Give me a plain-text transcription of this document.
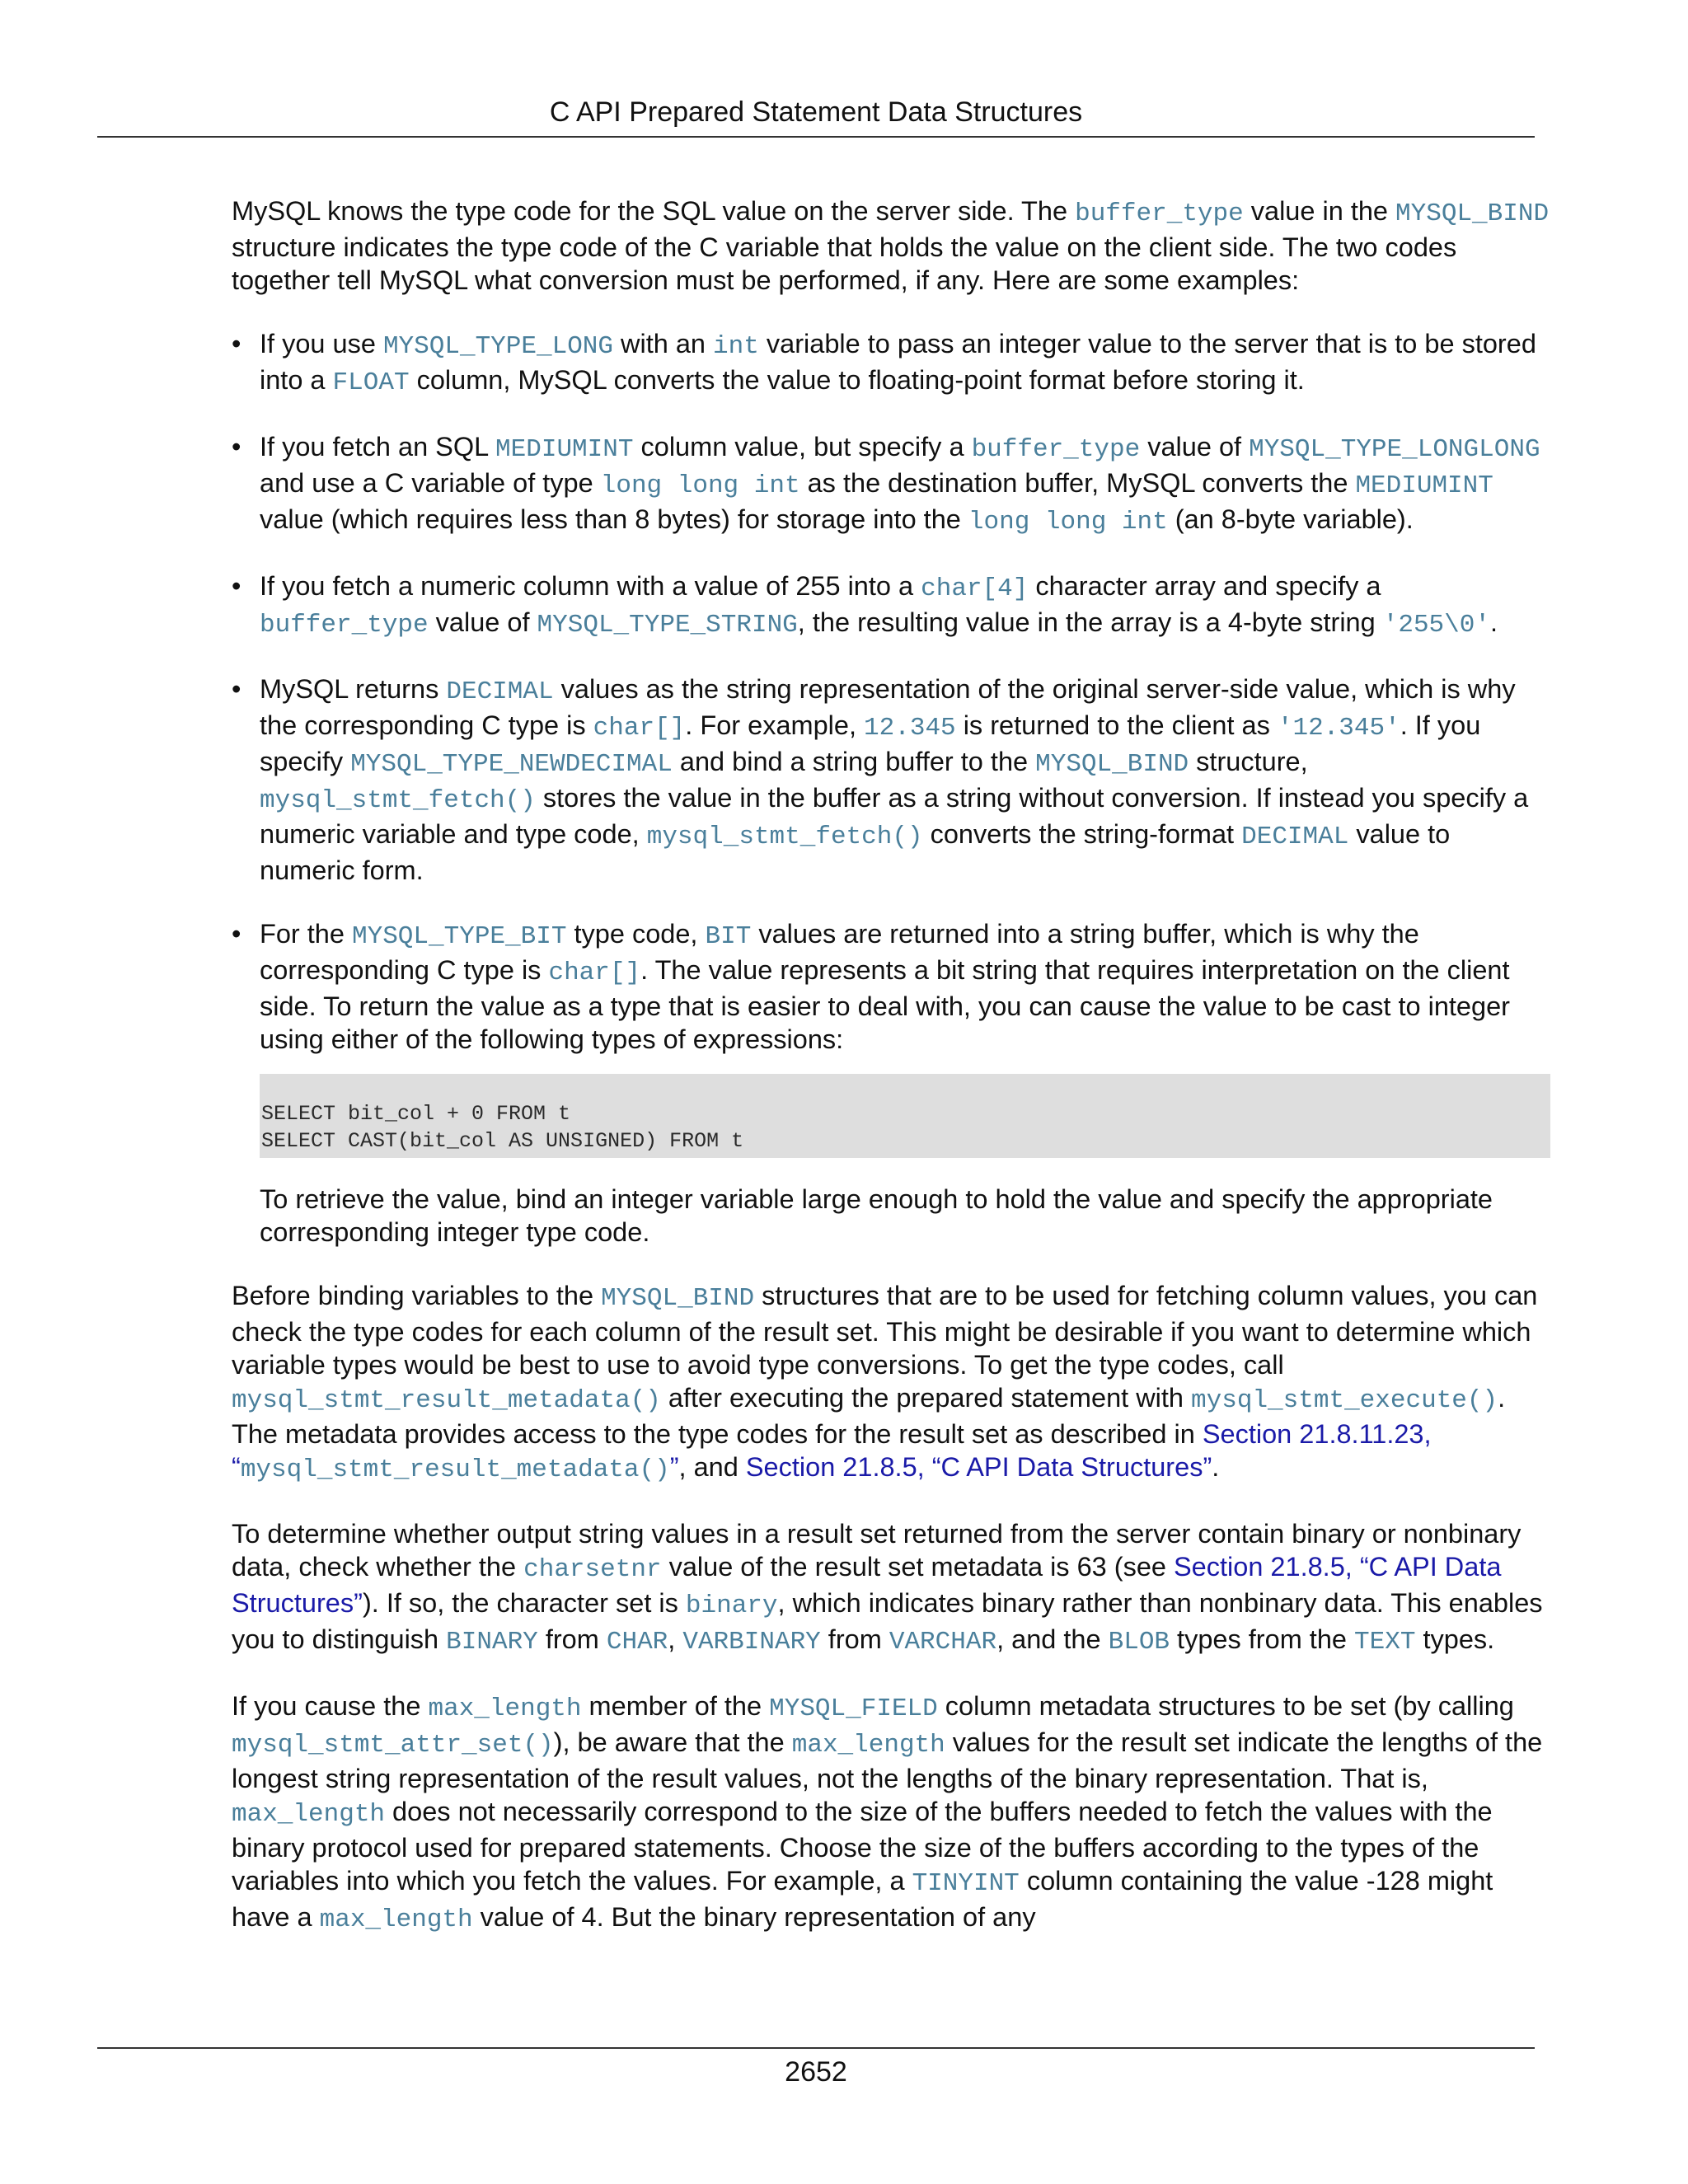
C API Prepared Statement Data Structures

MySQL knows the type code for the SQL value on the server side. The buffer_type value in the MYSQL_BIND structure indicates the type code of the C variable that holds the value on the client side. The two codes together tell MySQL what conversion must be performed, if any. Here are some examples:

• If you use MYSQL_TYPE_LONG with an int variable to pass an integer value to the server that is to be stored into a FLOAT column, MySQL converts the value to floating-point format before storing it.
• If you fetch an SQL MEDIUMINT column value, but specify a buffer_type value of MYSQL_TYPE_LONGLONG and use a C variable of type long long int as the destination buffer, MySQL converts the MEDIUMINT value (which requires less than 8 bytes) for storage into the long long int (an 8-byte variable).
• If you fetch a numeric column with a value of 255 into a char[4] character array and specify a buffer_type value of MYSQL_TYPE_STRING, the resulting value in the array is a 4-byte string '255\0'.
• MySQL returns DECIMAL values as the string representation of the original server-side value, which is why the corresponding C type is char[]. For example, 12.345 is returned to the client as '12.345'. If you specify MYSQL_TYPE_NEWDECIMAL and bind a string buffer to the MYSQL_BIND structure, mysql_stmt_fetch() stores the value in the buffer as a string without conversion. If instead you specify a numeric variable and type code, mysql_stmt_fetch() converts the string-format DECIMAL value to numeric form.
• For the MYSQL_TYPE_BIT type code, BIT values are returned into a string buffer, which is why the corresponding C type is char[]. The value represents a bit string that requires interpretation on the client side. To return the value as a type that is easier to deal with, you can cause the value to be cast to integer using either of the following types of expressions:
SELECT bit_col + 0 FROM t
SELECT CAST(bit_col AS UNSIGNED) FROM t

To retrieve the value, bind an integer variable large enough to hold the value and specify the appropriate corresponding integer type code.

Before binding variables to the MYSQL_BIND structures that are to be used for fetching column values, you can check the type codes for each column of the result set. This might be desirable if you want to determine which variable types would be best to use to avoid type conversions. To get the type codes, call mysql_stmt_result_metadata() after executing the prepared statement with mysql_stmt_execute(). The metadata provides access to the type codes for the result set as described in Section 21.8.11.23, “mysql_stmt_result_metadata()”, and Section 21.8.5, “C API Data Structures”.

To determine whether output string values in a result set returned from the server contain binary or nonbinary data, check whether the charsetnr value of the result set metadata is 63 (see Section 21.8.5, “C API Data Structures”). If so, the character set is binary, which indicates binary rather than nonbinary data. This enables you to distinguish BINARY from CHAR, VARBINARY from VARCHAR, and the BLOB types from the TEXT types.

If you cause the max_length member of the MYSQL_FIELD column metadata structures to be set (by calling mysql_stmt_attr_set()), be aware that the max_length values for the result set indicate the lengths of the longest string representation of the result values, not the lengths of the binary representation. That is, max_length does not necessarily correspond to the size of the buffers needed to fetch the values with the binary protocol used for prepared statements. Choose the size of the buffers according to the types of the variables into which you fetch the values. For example, a TINYINT column containing the value -128 might have a max_length value of 4. But the binary representation of any

2652
